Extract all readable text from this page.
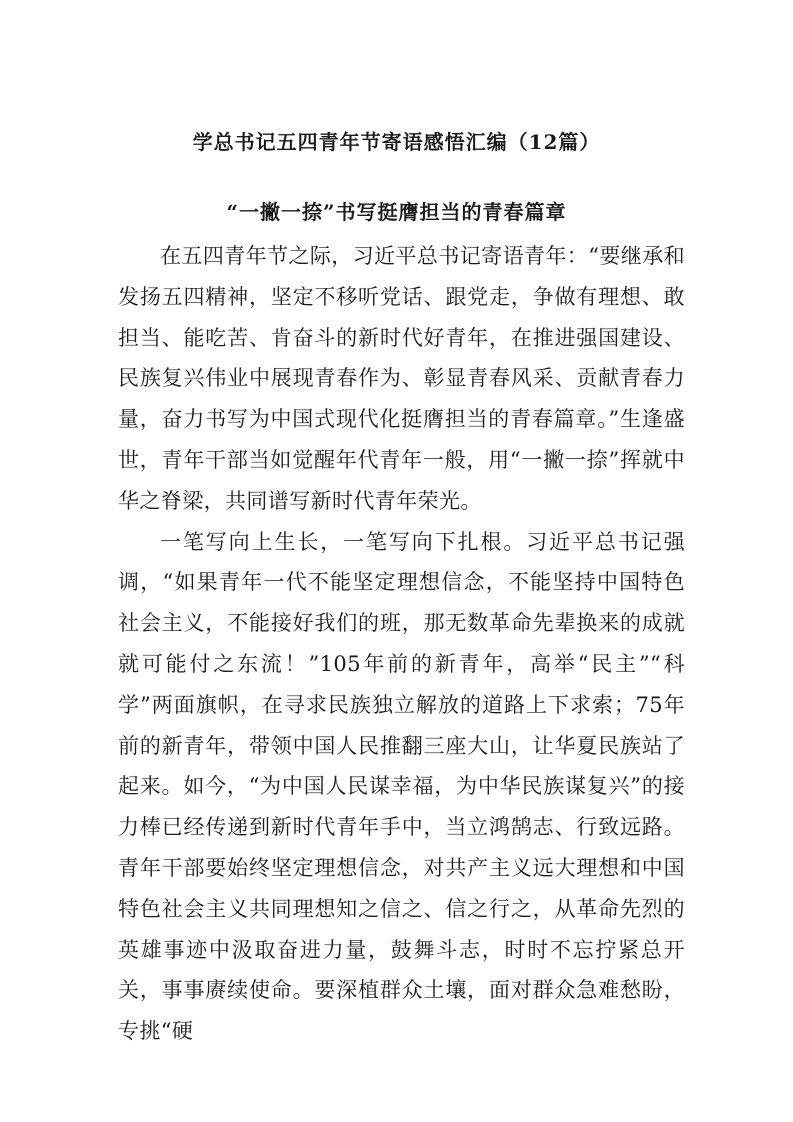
学总书记五四青年节寄语感悟汇编（12篇）
“一撇一捺”书写挺膺担当的青春篇章

在五四青年节之际，习近平总书记寄语青年：“要继承和发扬五四精神，坚定不移听党话、跟党走，争做有理想、敢担当、能吃苦、肯奋斗的新时代好青年，在推进强国建设、民族复兴伟业中展现青春作为、彰显青春风采、贡献青春力量，奋力书写为中国式现代化挺膺担当的青春篇章。”生逢盛世，青年干部当如觉醒年代青年一般，用“一撇一捺”挥就中华之脊梁，共同谱写新时代青年荣光。

一笔写向上生长，一笔写向下扎根。习近平总书记强调，“如果青年一代不能坚定理想信念，不能坚持中国特色社会主义，不能接好我们的班，那无数革命先辈换来的成就就可能付之东流！”105年前的新青年，高举“民主”“科学”两面旗帜，在寻求民族独立解放的道路上下求索；75年前的新青年，带领中国人民推翻三座大山，让华夏民族站了起来。如今，“为中国人民谋幸福，为中华民族谋复兴”的接力棒已经传递到新时代青年手中，当立鸿鹄志、行致远路。青年干部要始终坚定理想信念，对共产主义远大理想和中国特色社会主义共同理想知之信之、信之行之，从革命先烈的英雄事迹中汲取奋进力量，鼓舞斗志，时时不忘拧紧总开关，事事赓续使命。要深植群众土壤，面对群众急难愁盼，专挑“硬
